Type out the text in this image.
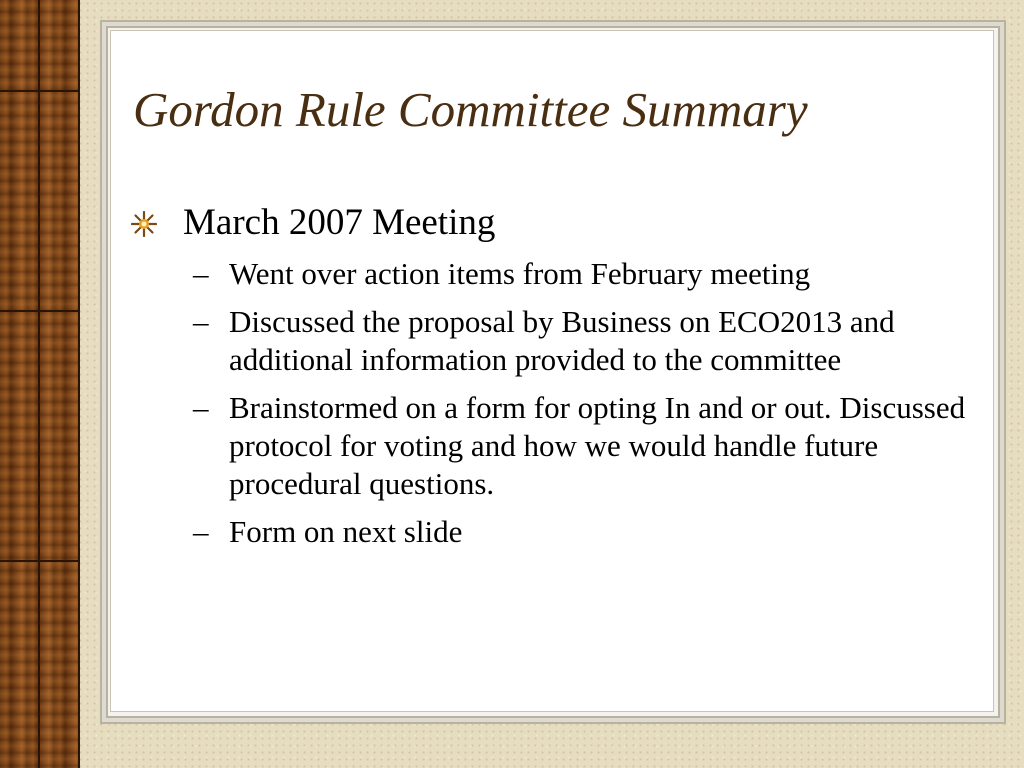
Gordon Rule Committee Summary
March 2007 Meeting
– Went over action items from February meeting
– Discussed the proposal by Business on ECO2013 and additional information provided to the committee
– Brainstormed on a form for opting In and or out. Discussed protocol for voting and how we would handle future procedural questions.
– Form on next slide
